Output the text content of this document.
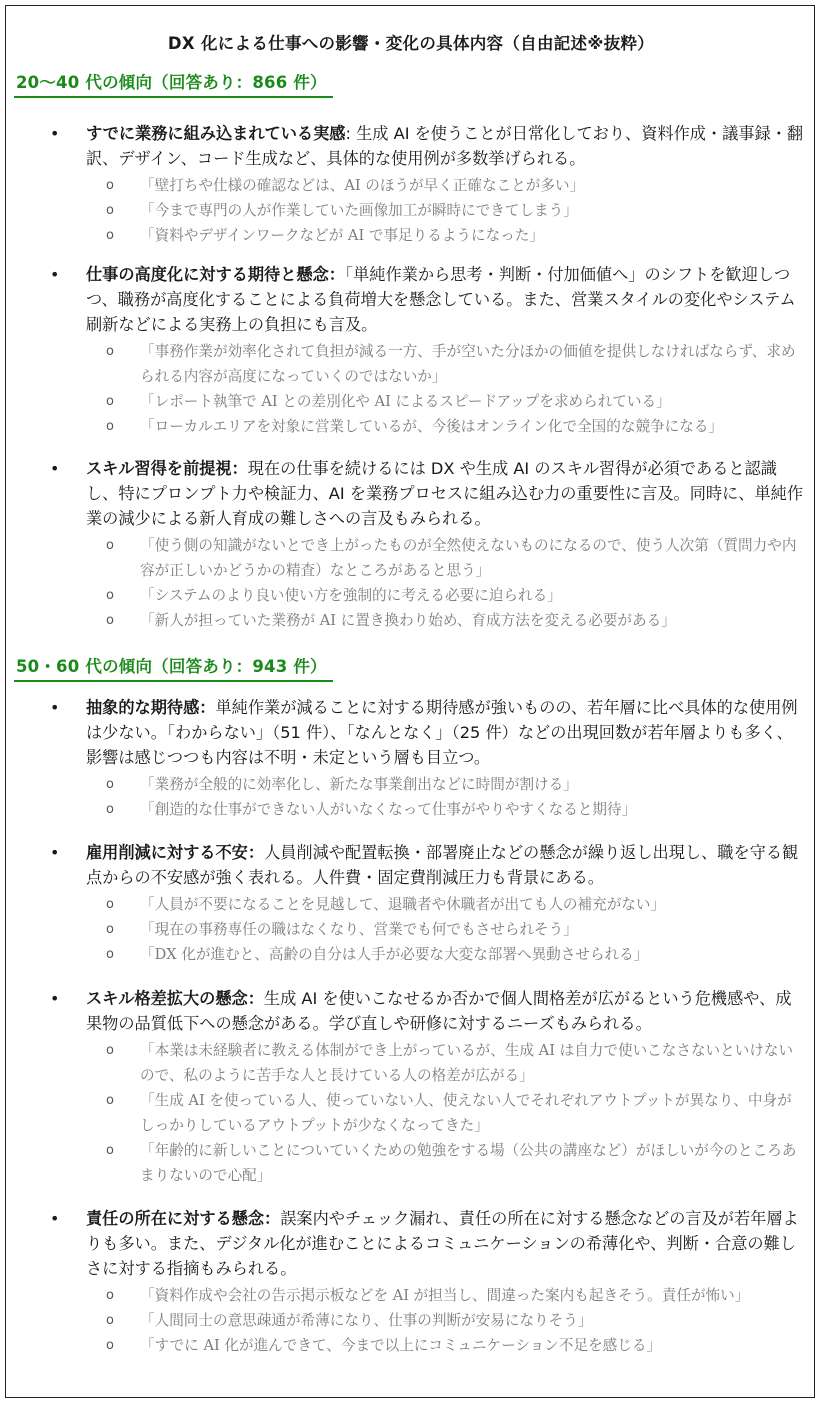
DX 化による仕事への影響・変化の具体内容（自由記述※抜粋）
20～40 代の傾向（回答あり：866 件）
• すでに業務に組み込まれている実感: 生成 AI を使うことが日常化しており、資料作成・議事録・翻訳、デザイン、コード生成など、具体的な使用例が多数挙げられる。
o 「壁打ちや仕様の確認などは、AI のほうが早く正確なことが多い」
o 「今まで専門の人が作業していた画像加工が瞬時にできてしまう」
o 「資料やデザインワークなどが AI で事足りるようになった」
• 仕事の高度化に対する期待と懸念：「単純作業から思考・判断・付加価値へ」のシフトを歓迎しつつ、職務が高度化することによる負荷増大を懸念している。また、営業スタイルの変化やシステム刷新などによる実務上の負担にも言及。
o 「事務作業が効率化されて負担が減る一方、手が空いた分ほかの価値を提供しなければならず、求められる内容が高度になっていくのではないか」
o 「レポート執筆で AI との差別化や AI によるスピードアップを求められている」
o 「ローカルエリアを対象に営業しているが、今後はオンライン化で全国的な競争になる」
• スキル習得を前提視：現在の仕事を続けるには DX や生成 AI のスキル習得が必須であると認識し、特にプロンプト力や検証力、AI を業務プロセスに組み込む力の重要性に言及。同時に、単純作業の減少による新人育成の難しさへの言及もみられる。
o 「使う側の知識がないとでき上がったものが全然使えないものになるので、使う人次第（質問力や内容が正しいかどうかの精査）なところがあると思う」
o 「システムのより良い使い方を強制的に考える必要に迫られる」
o 「新人が担っていた業務が AI に置き換わり始め、育成方法を変える必要がある」
50・60 代の傾向（回答あり：943 件）
• 抽象的な期待感：単純作業が減ることに対する期待感が強いものの、若年層に比べ具体的な使用例は少ない。「わからない」（51 件）、「なんとなく」（25 件）などの出現回数が若年層よりも多く、影響は感じつつも内容は不明・未定という層も目立つ。
o 「業務が全般的に効率化し、新たな事業創出などに時間が割ける」
o 「創造的な仕事ができない人がいなくなって仕事がやりやすくなると期待」
• 雇用削減に対する不安：人員削減や配置転換・部署廃止などの懸念が繰り返し出現し、職を守る観点からの不安感が強く表れる。人件費・固定費削減圧力も背景にある。
o 「人員が不要になることを見越して、退職者や休職者が出ても人の補充がない」
o 「現在の事務専任の職はなくなり、営業でも何でもさせられそう」
o 「DX 化が進むと、高齢の自分は人手が必要な大変な部署へ異動させられる」
• スキル格差拡大の懸念：生成 AI を使いこなせるか否かで個人間格差が広がるという危機感や、成果物の品質低下への懸念がある。学び直しや研修に対するニーズもみられる。
o 「本業は未経験者に教える体制ができ上がっているが、生成 AI は自力で使いこなさないといけないので、私のように苦手な人と長けている人の格差が広がる」
o 「生成 AI を使っている人、使っていない人、使えない人でそれぞれアウトプットが異なり、中身がしっかりしているアウトプットが少なくなってきた」
o 「年齢的に新しいことについていくための勉強をする場（公共の講座など）がほしいが今のところあまりないので心配」
• 責任の所在に対する懸念：誤案内やチェック漏れ、責任の所在に対する懸念などの言及が若年層よりも多い。また、デジタル化が進むことによるコミュニケーションの希薄化や、判断・合意の難しさに対する指摘もみられる。
o 「資料作成や会社の告示掲示板などを AI が担当し、間違った案内も起きそう。責任が怖い」
o 「人間同士の意思疎通が希薄になり、仕事の判断が安易になりそう」
o 「すでに AI 化が進んできて、今まで以上にコミュニケーション不足を感じる」
